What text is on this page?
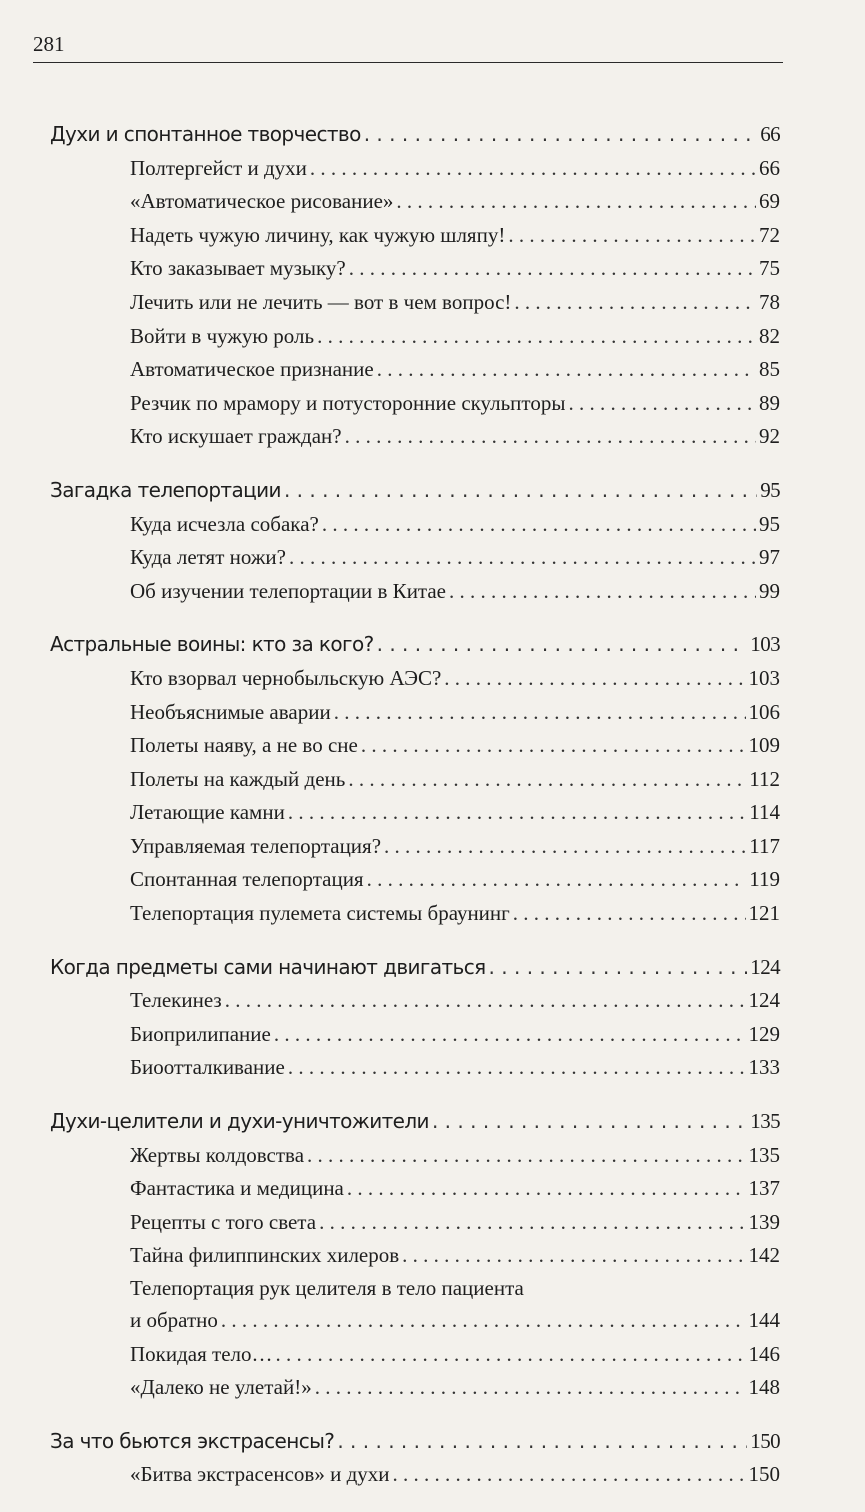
281
Духи и спонтанное творчество . . .	66
Полтергейст и духи . . .	66
«Автоматическое рисование» . . .	69
Надеть чужую личину, как чужую шляпу! . . .	72
Кто заказывает музыку? . . .	75
Лечить или не лечить — вот в чем вопрос! . . .	78
Войти в чужую роль . . .	82
Автоматическое признание . . .	85
Резчик по мрамору и потусторонние скульпторы . . .	89
Кто искушает граждан? . . .	92
Загадка телепортации . . .	95
Куда исчезла собака? . . .	95
Куда летят ножи? . . .	97
Об изучении телепортации в Китае . . .	99
Астральные воины: кто за кого? . . .	103
Кто взорвал чернобыльскую АЭС? . . .	103
Необъяснимые аварии . . .	106
Полеты наяву, а не во сне . . .	109
Полеты на каждый день . . .	112
Летающие камни . . .	114
Управляемая телепортация? . . .	117
Спонтанная телепортация . . .	119
Телепортация пулемета системы браунинг . . .	121
Когда предметы сами начинают двигаться . . .	124
Телекинез . . .	124
Биоприлипание . . .	129
Биоотталкивание . . .	133
Духи-целители и духи-уничтожители . . .	135
Жертвы колдовства . . .	135
Фантастика и медицина . . .	137
Рецепты с того света . . .	139
Тайна филиппинских хилеров . . .	142
Телепортация рук целителя в тело пациента
и обратно . . .	144
Покидая тело… . . .	146
«Далеко не улетай!» . . .	148
За что бьются экстрасенсы? . . .	150
«Битва экстрасенсов» и духи . . .	150
